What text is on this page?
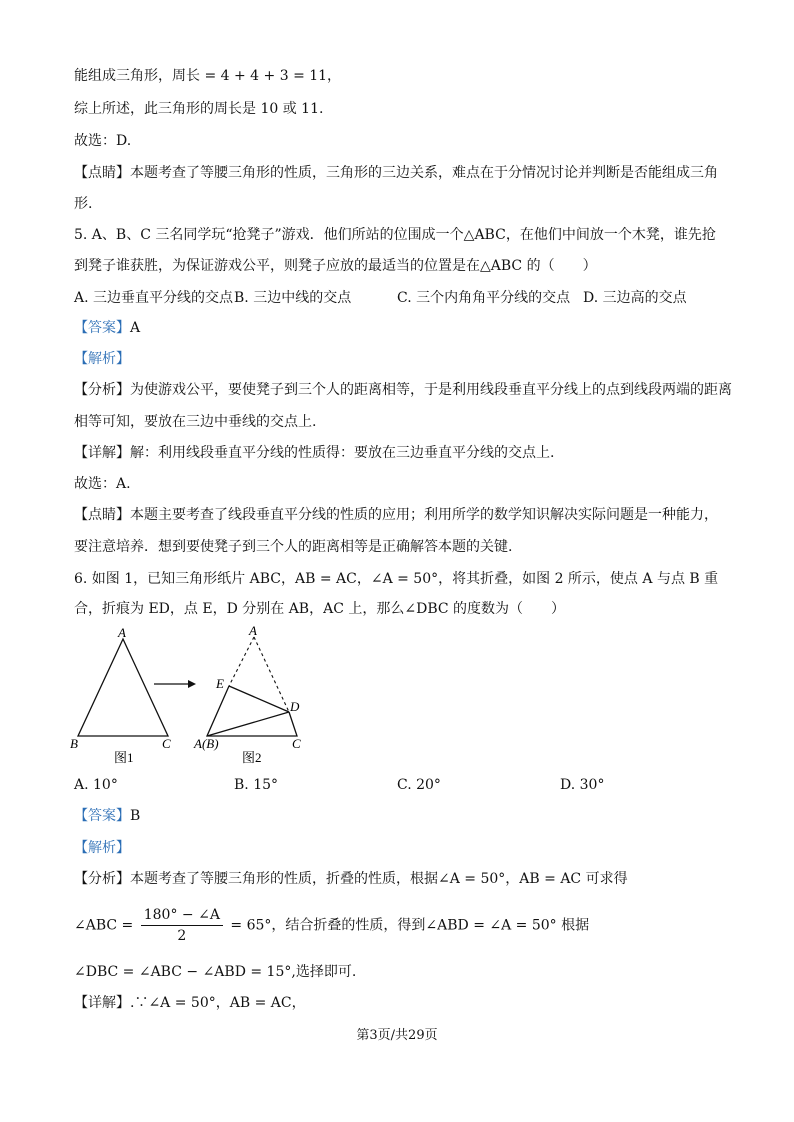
能组成三角形，周长 = 4 + 4 + 3 = 11，
综上所述，此三角形的周长是 10 或 11.
故选：D.
【点睛】本题考查了等腰三角形的性质，三角形的三边关系，难点在于分情况讨论并判断是否能组成三角
形.
5. A、B、C 三名同学玩“抢凳子”游戏．他们所站的位围成一个△ABC，在他们中间放一个木凳，谁先抢
到凳子谁获胜，为保证游戏公平，则凳子应放的最适当的位置是在△ABC 的（　　）
A. 三边垂直平分线的交点 B. 三边中线的交点	C. 三个内角角平分线的交点 D. 三边高的交点
【答案】A
【解析】
【分析】为使游戏公平，要使凳子到三个人的距离相等，于是利用线段垂直平分线上的点到线段两端的距离
相等可知，要放在三边中垂线的交点上.
【详解】解：利用线段垂直平分线的性质得：要放在三边垂直平分线的交点上.
故选：A.
【点睛】本题主要考查了线段垂直平分线的性质的应用；利用所学的数学知识解决实际问题是一种能力，
要注意培养．想到要使凳子到三个人的距离相等是正确解答本题的关键.
6. 如图 1，已知三角形纸片 ABC，AB = AC，∠A = 50°，将其折叠，如图 2 所示，使点 A 与点 B 重
合，折痕为 ED，点 E，D 分别在 AB，AC 上，那么∠DBC 的度数为（　　）
A
B	C
图1
A
E
D
A(B)	C
图2
A. 10°	B. 15°	C. 20°	D. 30°
【答案】B
【解析】
【分析】本题考查了等腰三角形的性质，折叠的性质，根据∠A = 50°，AB = AC 可求得
∠ABC = $\frac{180^\circ - \angle A}{2} = 65^\circ$，结合折叠的性质，得到∠ABD = ∠A = 50° 根据
∠DBC = ∠ABC − ∠ABD = 15°,选择即可.
【详解】.∵∠A = 50°，AB = AC，
第3页/共29页
